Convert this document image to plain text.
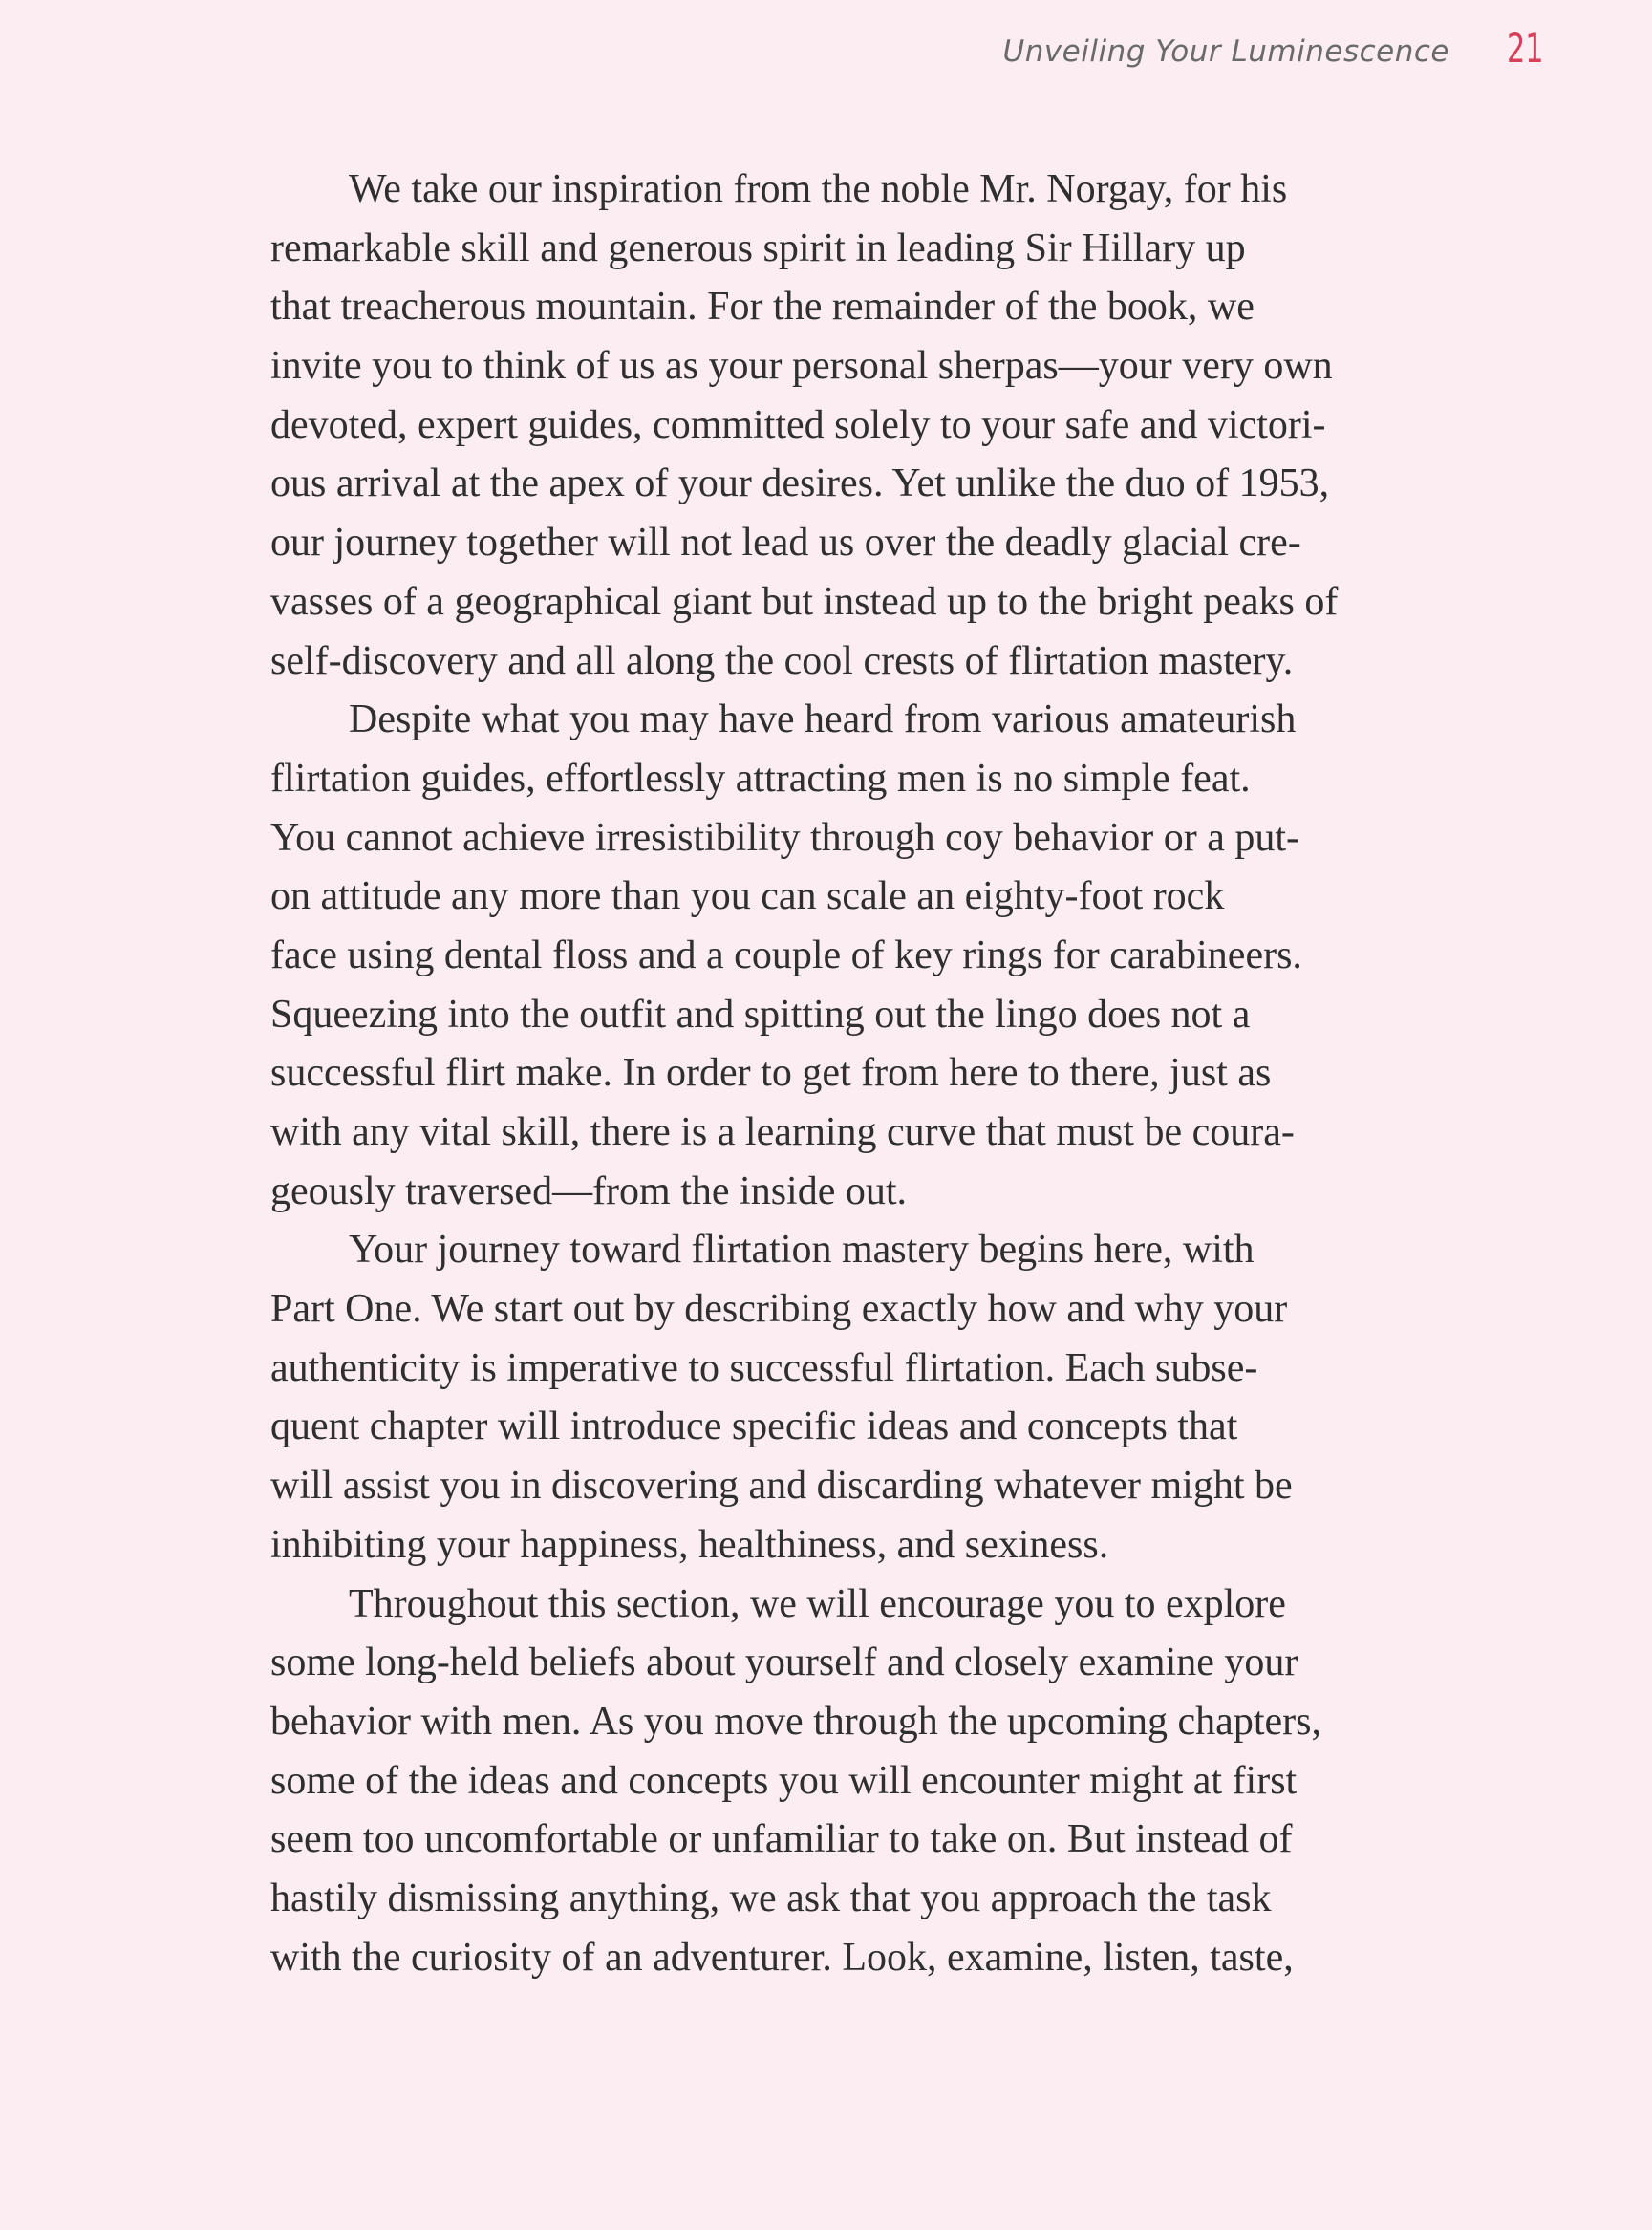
Unveiling Your Luminescence 21
We take our inspiration from the noble Mr. Norgay, for his
remarkable skill and generous spirit in leading Sir Hillary up
that treacherous mountain. For the remainder of the book, we
invite you to think of us as your personal sherpas—your very own
devoted, expert guides, committed solely to your safe and victori-
ous arrival at the apex of your desires. Yet unlike the duo of 1953,
our journey together will not lead us over the deadly glacial cre-
vasses of a geographical giant but instead up to the bright peaks of
self-discovery and all along the cool crests of flirtation mastery.
Despite what you may have heard from various amateurish
flirtation guides, effortlessly attracting men is no simple feat.
You cannot achieve irresistibility through coy behavior or a put-
on attitude any more than you can scale an eighty-foot rock
face using dental floss and a couple of key rings for carabineers.
Squeezing into the outfit and spitting out the lingo does not a
successful flirt make. In order to get from here to there, just as
with any vital skill, there is a learning curve that must be coura-
geously traversed—from the inside out.
Your journey toward flirtation mastery begins here, with
Part One. We start out by describing exactly how and why your
authenticity is imperative to successful flirtation. Each subse-
quent chapter will introduce specific ideas and concepts that
will assist you in discovering and discarding whatever might be
inhibiting your happiness, healthiness, and sexiness.
Throughout this section, we will encourage you to explore
some long-held beliefs about yourself and closely examine your
behavior with men. As you move through the upcoming chapters,
some of the ideas and concepts you will encounter might at first
seem too uncomfortable or unfamiliar to take on. But instead of
hastily dismissing anything, we ask that you approach the task
with the curiosity of an adventurer. Look, examine, listen, taste,
